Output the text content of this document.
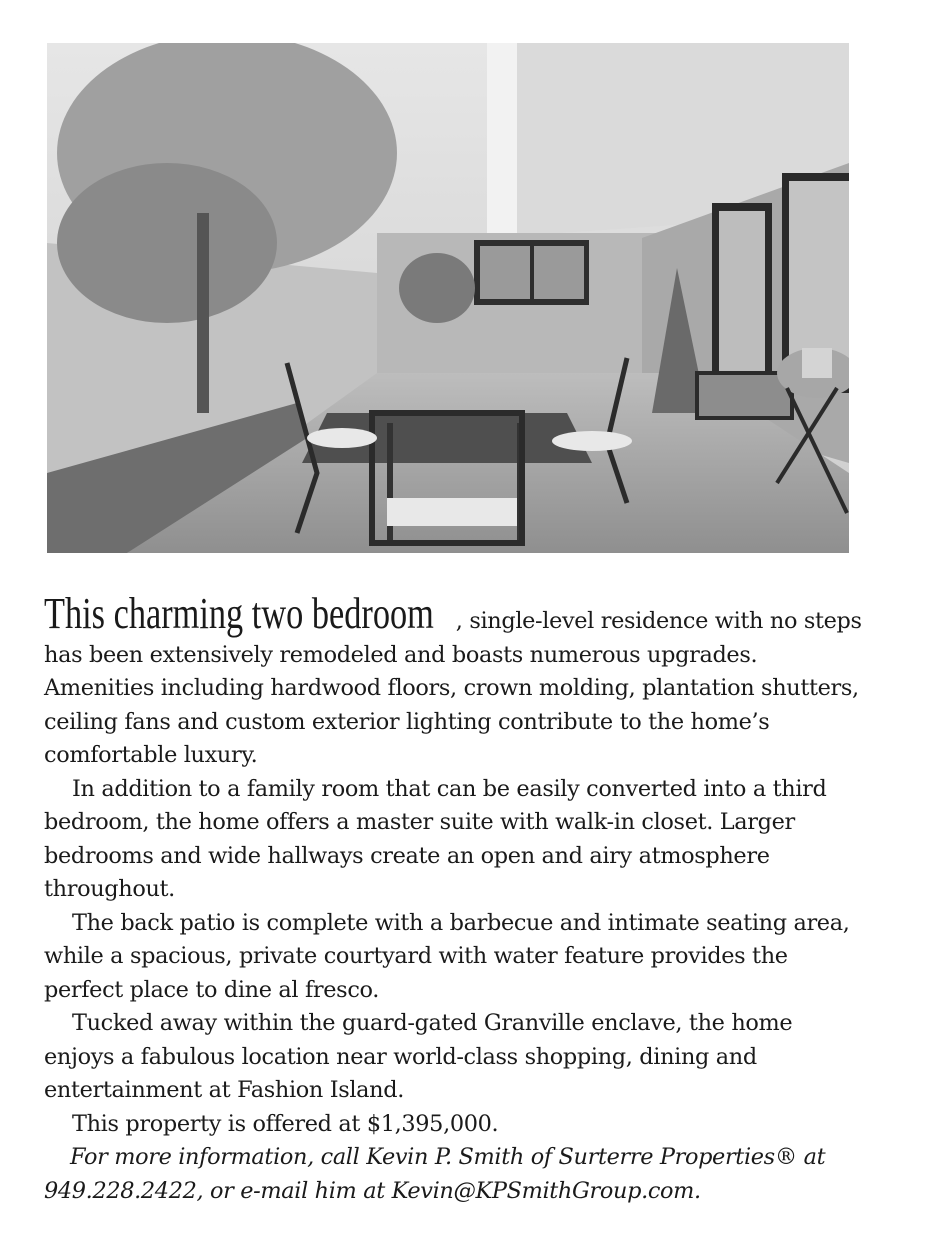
This charming two bedroom , single-level residence with no steps has been extensively remodeled and boasts numerous upgrades. Amenities including hardwood floors, crown molding, plantation shutters, ceiling fans and custom exterior lighting contribute to the home’s comfortable luxury.

In addition to a family room that can be easily converted into a third bedroom, the home offers a master suite with walk-in closet. Larger bedrooms and wide hallways create an open and airy atmosphere throughout.

The back patio is complete with a barbecue and intimate seating area, while a spacious, private courtyard with water feature provides the perfect place to dine al fresco.

Tucked away within the guard-gated Granville enclave, the home enjoys a fabulous location near world-class shopping, dining and entertainment at Fashion Island.

This property is offered at $1,395,000.

For more information, call Kevin P. Smith of Surterre Properties® at 949.228.2422, or e-mail him at Kevin@KPSmithGroup.com.
